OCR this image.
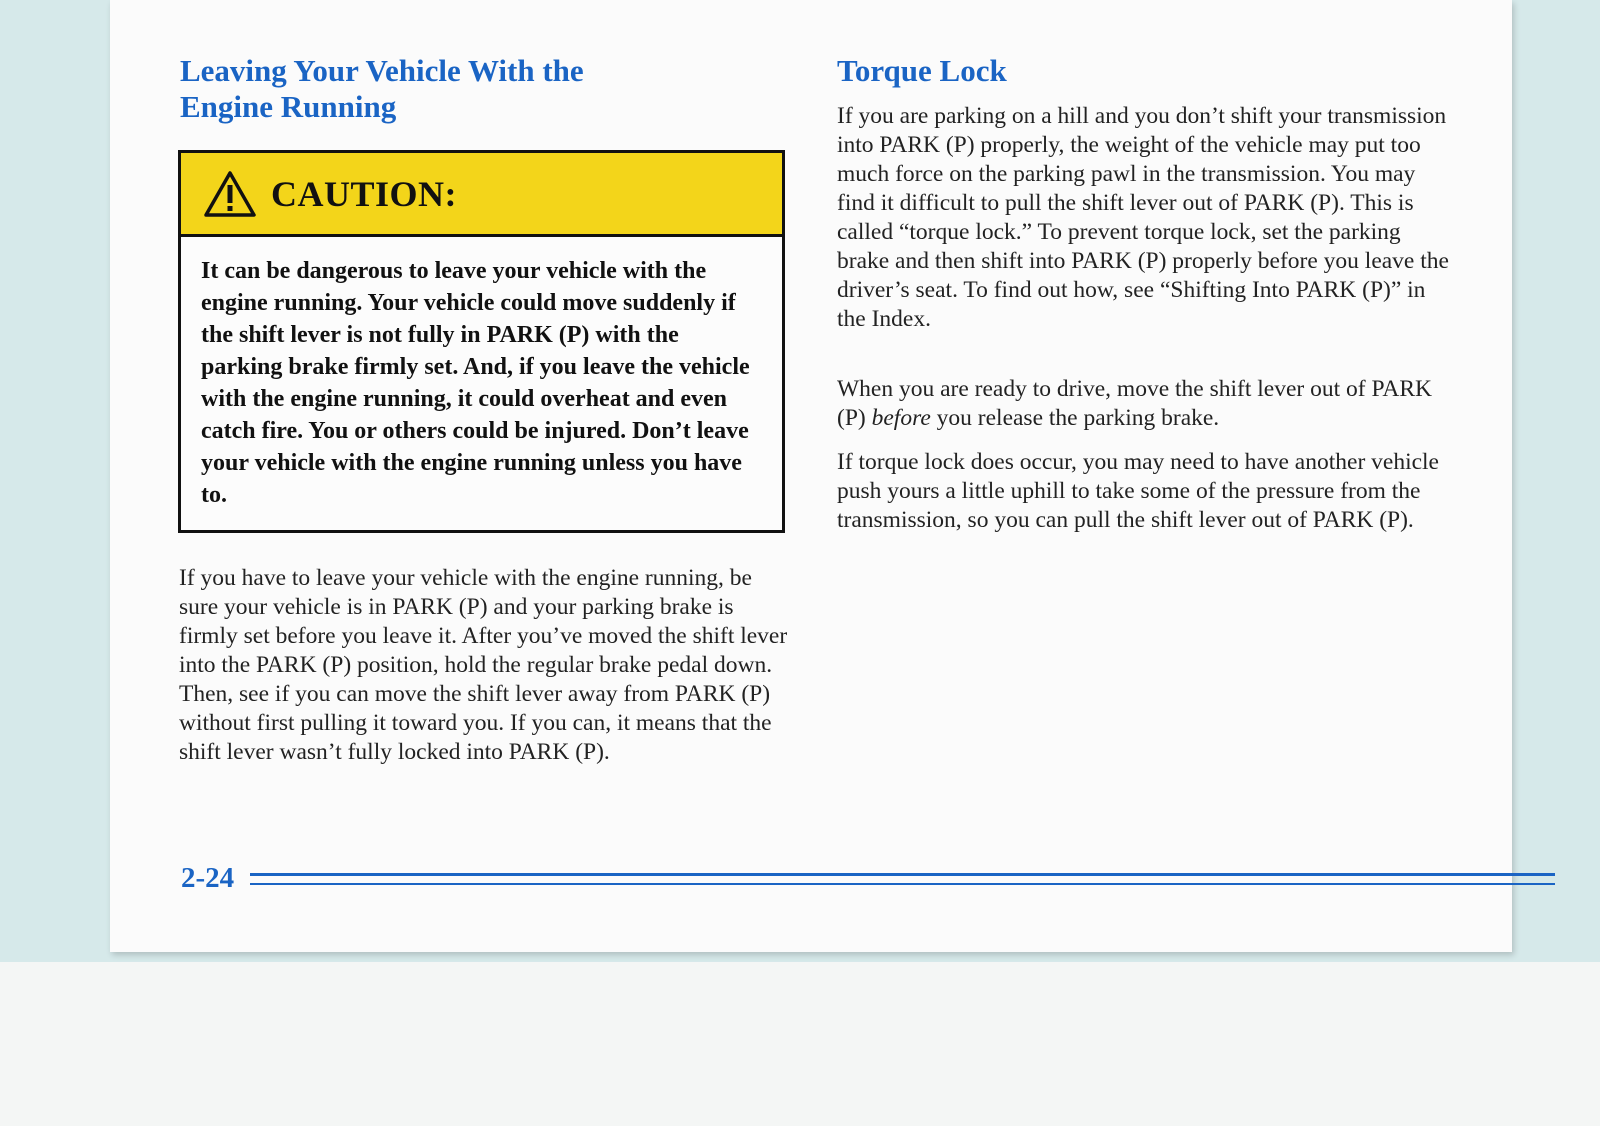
Leaving Your Vehicle With the
Engine Running
CAUTION:

It can be dangerous to leave your vehicle with the engine running. Your vehicle could move suddenly if the shift lever is not fully in PARK (P) with the parking brake firmly set. And, if you leave the vehicle with the engine running, it could overheat and even catch fire. You or others could be injured. Don’t leave your vehicle with the engine running unless you have to.

If you have to leave your vehicle with the engine running, be sure your vehicle is in PARK (P) and your parking brake is firmly set before you leave it. After you’ve moved the shift lever into the PARK (P) position, hold the regular brake pedal down. Then, see if you can move the shift lever away from PARK (P) without first pulling it toward you. If you can, it means that the shift lever wasn’t fully locked into PARK (P).

Torque Lock

If you are parking on a hill and you don’t shift your transmission into PARK (P) properly, the weight of the vehicle may put too much force on the parking pawl in the transmission. You may find it difficult to pull the shift lever out of PARK (P). This is called “torque lock.” To prevent torque lock, set the parking brake and then shift into PARK (P) properly before you leave the driver’s seat. To find out how, see “Shifting Into PARK (P)” in the Index.

When you are ready to drive, move the shift lever out of PARK (P) before you release the parking brake.

If torque lock does occur, you may need to have another vehicle push yours a little uphill to take some of the pressure from the transmission, so you can pull the shift lever out of PARK (P).

2-24
